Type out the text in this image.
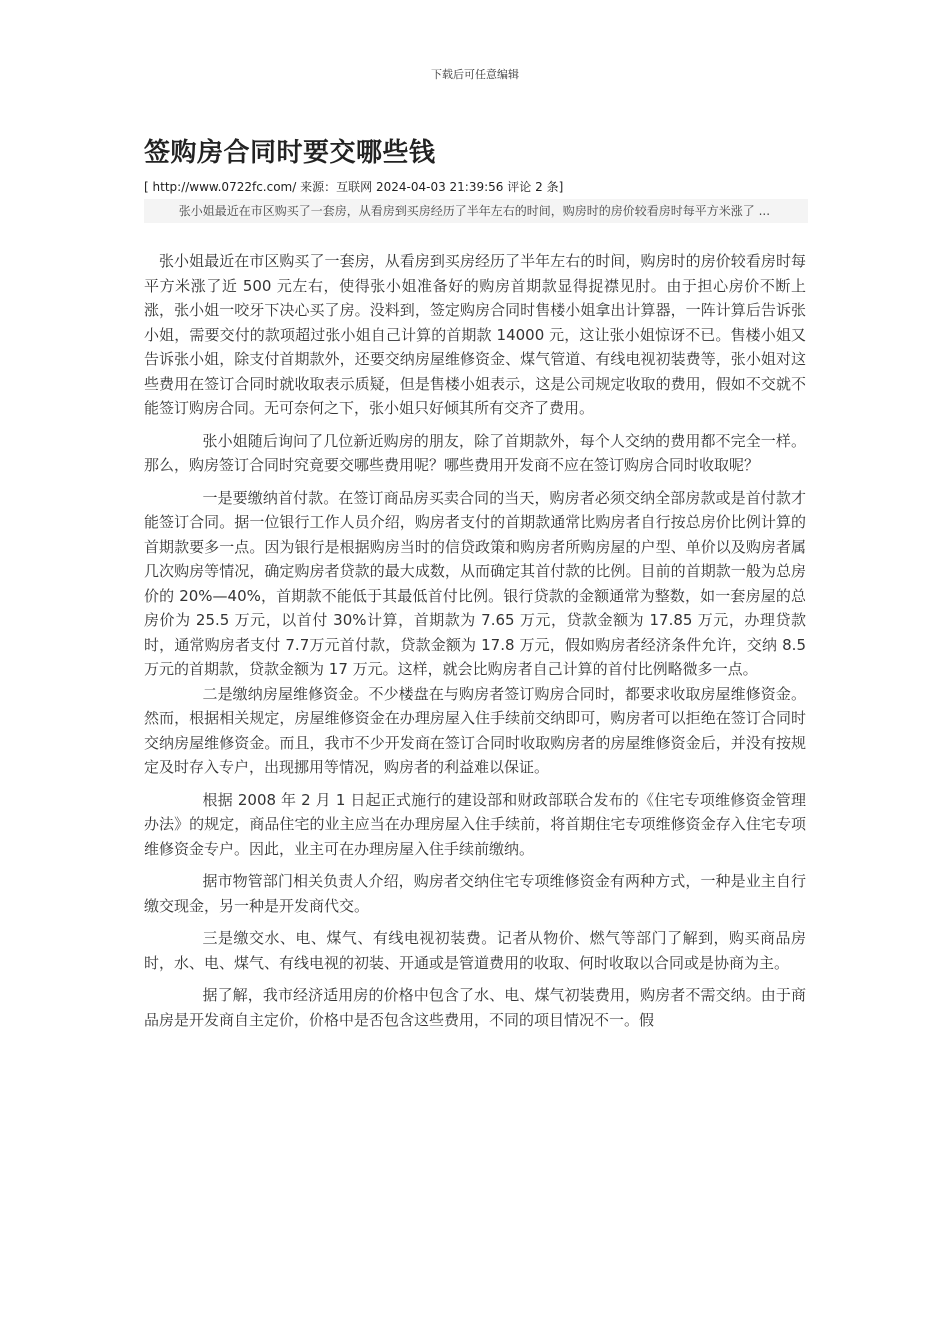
下载后可任意编辑
签购房合同时要交哪些钱
[ http://www.0722fc.com/ 来源：互联网 2024-04-03 21:39:56 评论 2 条]
张小姐最近在市区购买了一套房，从看房到买房经历了半年左右的时间，购房时的房价较看房时每平方米涨了 ...

张小姐最近在市区购买了一套房，从看房到买房经历了半年左右的时间，购房时的房价较看房时每平方米涨了近 500 元左右，使得张小姐准备好的购房首期款显得捉襟见肘。由于担心房价不断上涨，张小姐一咬牙下决心买了房。没料到，签定购房合同时售楼小姐拿出计算器，一阵计算后告诉张小姐，需要交付的款项超过张小姐自己计算的首期款 14000 元，这让张小姐惊讶不已。售楼小姐又告诉张小姐，除支付首期款外，还要交纳房屋维修资金、煤气管道、有线电视初装费等，张小姐对这些费用在签订合同时就收取表示质疑，但是售楼小姐表示，这是公司规定收取的费用，假如不交就不能签订购房合同。无可奈何之下，张小姐只好倾其所有交齐了费用。

张小姐随后询问了几位新近购房的朋友，除了首期款外，每个人交纳的费用都不完全一样。那么，购房签订合同时究竟要交哪些费用呢？哪些费用开发商不应在签订购房合同时收取呢？

一是要缴纳首付款。在签订商品房买卖合同的当天，购房者必须交纳全部房款或是首付款才能签订合同。据一位银行工作人员介绍，购房者支付的首期款通常比购房者自行按总房价比例计算的首期款要多一点。因为银行是根据购房当时的信贷政策和购房者所购房屋的户型、单价以及购房者属几次购房等情况，确定购房者贷款的最大成数，从而确定其首付款的比例。目前的首期款一般为总房价的 20%—40%，首期款不能低于其最低首付比例。银行贷款的金额通常为整数，如一套房屋的总房价为 25.5 万元，以首付 30%计算，首期款为 7.65 万元，贷款金额为 17.85 万元，办理贷款时，通常购房者支付 7.7万元首付款，贷款金额为 17.8 万元，假如购房者经济条件允许，交纳 8.5 万元的首期款，贷款金额为 17 万元。这样，就会比购房者自己计算的首付比例略微多一点。

二是缴纳房屋维修资金。不少楼盘在与购房者签订购房合同时，都要求收取房屋维修资金。然而，根据相关规定，房屋维修资金在办理房屋入住手续前交纳即可，购房者可以拒绝在签订合同时交纳房屋维修资金。而且，我市不少开发商在签订合同时收取购房者的房屋维修资金后，并没有按规定及时存入专户，出现挪用等情况，购房者的利益难以保证。

根据 2008 年 2 月 1 日起正式施行的建设部和财政部联合发布的《住宅专项维修资金管理办法》的规定，商品住宅的业主应当在办理房屋入住手续前，将首期住宅专项维修资金存入住宅专项维修资金专户。因此，业主可在办理房屋入住手续前缴纳。

据市物管部门相关负责人介绍，购房者交纳住宅专项维修资金有两种方式，一种是业主自行缴交现金，另一种是开发商代交。

三是缴交水、电、煤气、有线电视初装费。记者从物价、燃气等部门了解到，购买商品房时，水、电、煤气、有线电视的初装、开通或是管道费用的收取、何时收取以合同或是协商为主。

据了解，我市经济适用房的价格中包含了水、电、煤气初装费用，购房者不需交纳。由于商品房是开发商自主定价，价格中是否包含这些费用，不同的项目情况不一。假
